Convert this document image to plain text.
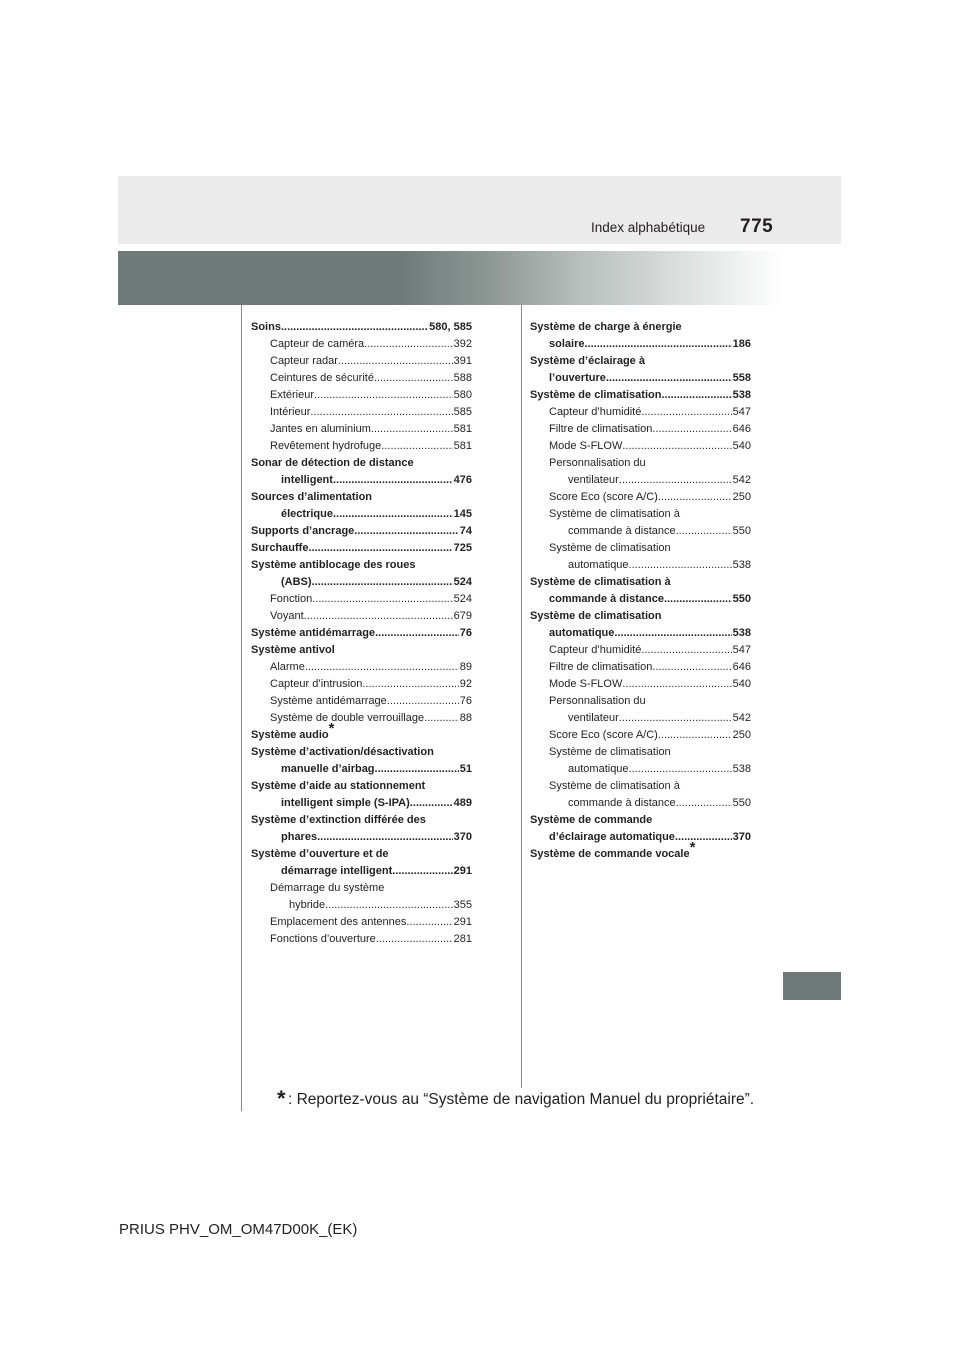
775
Index alphabétique
Soins .....	580, 585
Capteur de caméra .....	392
Capteur radar .....	391
Ceintures de sécurité .....	588
Extérieur .....	580
Intérieur .....	585
Jantes en aluminium .....	581
Revêtement hydrofuge .....	581
Sonar de détection de distance
intelligent .....	476
Sources d’alimentation
électrique .....	145
Supports d’ancrage .....	74
Surchauffe .....	725
Système antiblocage des roues
(ABS) .....	524
Fonction .....	524
Voyant .....	679
Système antidémarrage .....	76
Système antivol
Alarme .....	89
Capteur d’intrusion .....	92
Système antidémarrage .....	76
Système de double verrouillage .....	88
Système audio*
Système d’activation/désactivation
manuelle d’airbag .....	51
Système d’aide au stationnement
intelligent simple (S-IPA) .....	489
Système d’extinction différée des
phares .....	370
Système d’ouverture et de
démarrage intelligent .....	291
Démarrage du système
hybride .....	355
Emplacement des antennes .....	291
Fonctions d’ouverture .....	281
Système de charge à énergie
solaire .....	186
Système d’éclairage à
l’ouverture .....	558
Système de climatisation .....	538
Capteur d’humidité .....	547
Filtre de climatisation .....	646
Mode S-FLOW .....	540
Personnalisation du
ventilateur .....	542
Score Eco (score A/C) .....	250
Système de climatisation à
commande à distance .....	550
Système de climatisation
automatique .....	538
Système de climatisation à
commande à distance .....	550
Système de climatisation
automatique .....	538
Capteur d’humidité .....	547
Filtre de climatisation .....	646
Mode S-FLOW .....	540
Personnalisation du
ventilateur .....	542
Score Eco (score A/C) .....	250
Système de climatisation
automatique .....	538
Système de climatisation à
commande à distance .....	550
Système de commande
d’éclairage automatique .....	370
Système de commande vocale*
* : Reportez-vous au “Système de navigation Manuel du propriétaire”.
PRIUS PHV_OM_OM47D00K_(EK)
